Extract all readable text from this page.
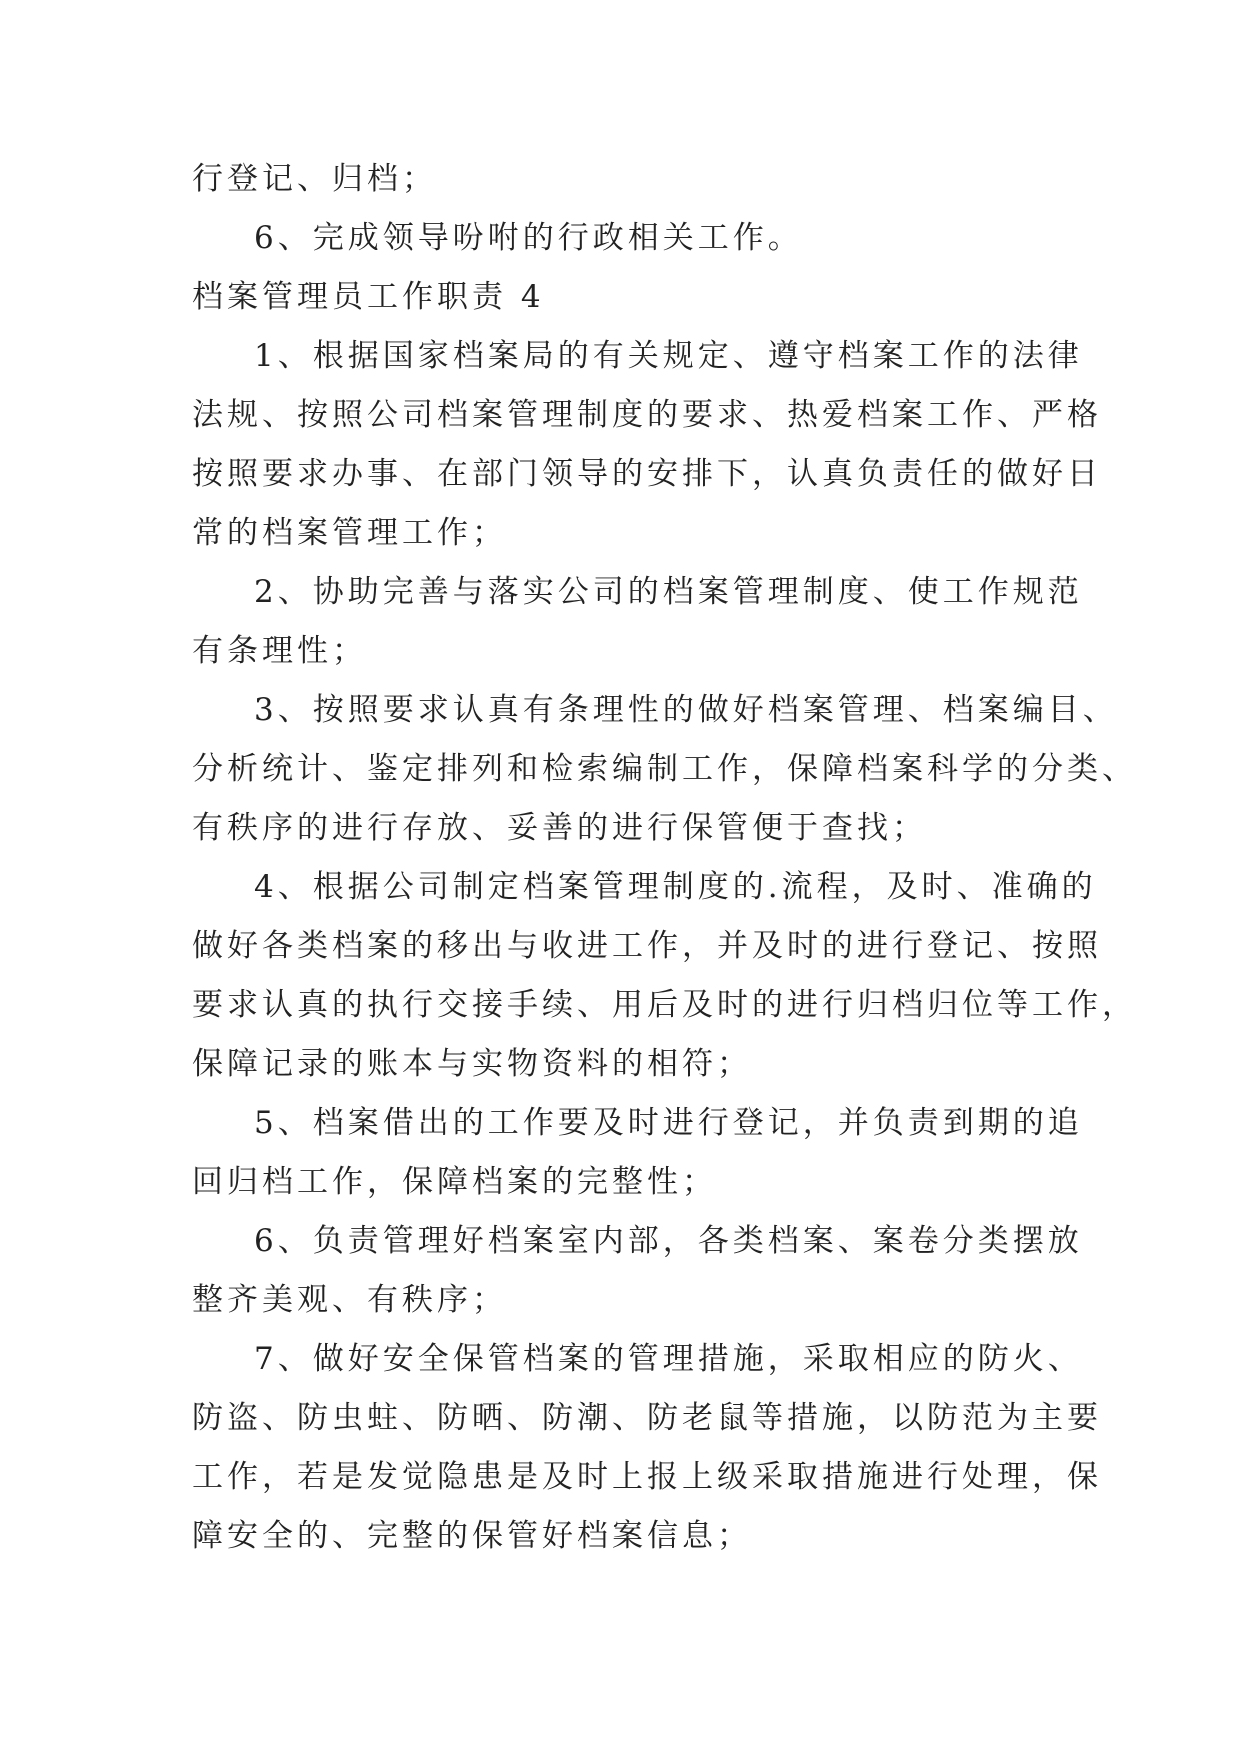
行登记、归档；
6、完成领导吩咐的行政相关工作。
档案管理员工作职责 4
1、根据国家档案局的有关规定、遵守档案工作的法律
法规、按照公司档案管理制度的要求、热爱档案工作、严格
按照要求办事、在部门领导的安排下，认真负责任的做好日
常的档案管理工作；
2、协助完善与落实公司的档案管理制度、使工作规范
有条理性；
3、按照要求认真有条理性的做好档案管理、档案编目、
分析统计、鉴定排列和检索编制工作，保障档案科学的分类、
有秩序的进行存放、妥善的进行保管便于查找；
4、根据公司制定档案管理制度的.流程，及时、准确的
做好各类档案的移出与收进工作，并及时的进行登记、按照
要求认真的执行交接手续、用后及时的进行归档归位等工作，
保障记录的账本与实物资料的相符；
5、档案借出的工作要及时进行登记，并负责到期的追
回归档工作，保障档案的完整性；
6、负责管理好档案室内部，各类档案、案卷分类摆放
整齐美观、有秩序；
7、做好安全保管档案的管理措施，采取相应的防火、
防盗、防虫蛀、防晒、防潮、防老鼠等措施，以防范为主要
工作，若是发觉隐患是及时上报上级采取措施进行处理，保
障安全的、完整的保管好档案信息；
